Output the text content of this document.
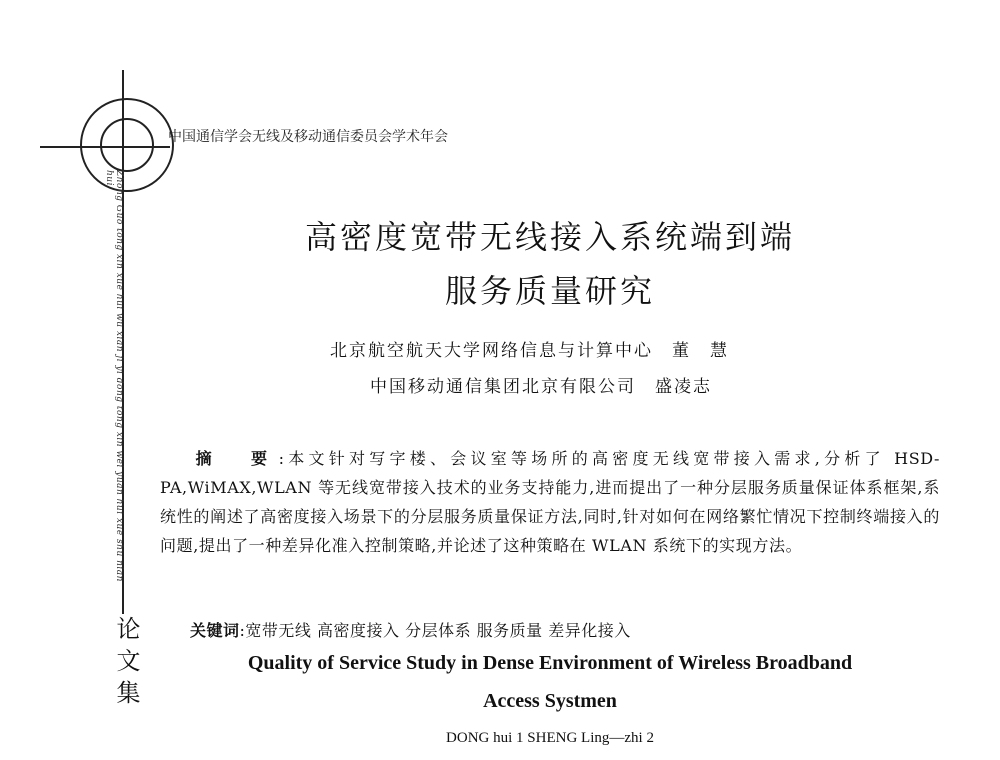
中国通信学会无线及移动通信委员会学术年会
Zhong Guo tong xin xue hui wu xian ji yi dong tong xin wei yuan hui xue shu nian hui
论文集
高密度宽带无线接入系统端到端
服务质量研究
北京航空航天大学网络信息与计算中心　董　慧
中国移动通信集团北京有限公司　盛凌志
摘　要:本文针对写字楼、会议室等场所的高密度无线宽带接入需求,分析了 HSD-PA,WiMAX,WLAN 等无线宽带接入技术的业务支持能力,进而提出了一种分层服务质量保证体系框架,系统性的阐述了高密度接入场景下的分层服务质量保证方法,同时,针对如何在网络繁忙情况下控制终端接入的问题,提出了一种差异化准入控制策略,并论述了这种策略在 WLAN 系统下的实现方法。
关键词:宽带无线 高密度接入 分层体系 服务质量 差异化接入
Quality of Service Study in Dense Environment of Wireless Broadband
Access Systmen
DONG hui 1 SHENG Ling—zhi 2
